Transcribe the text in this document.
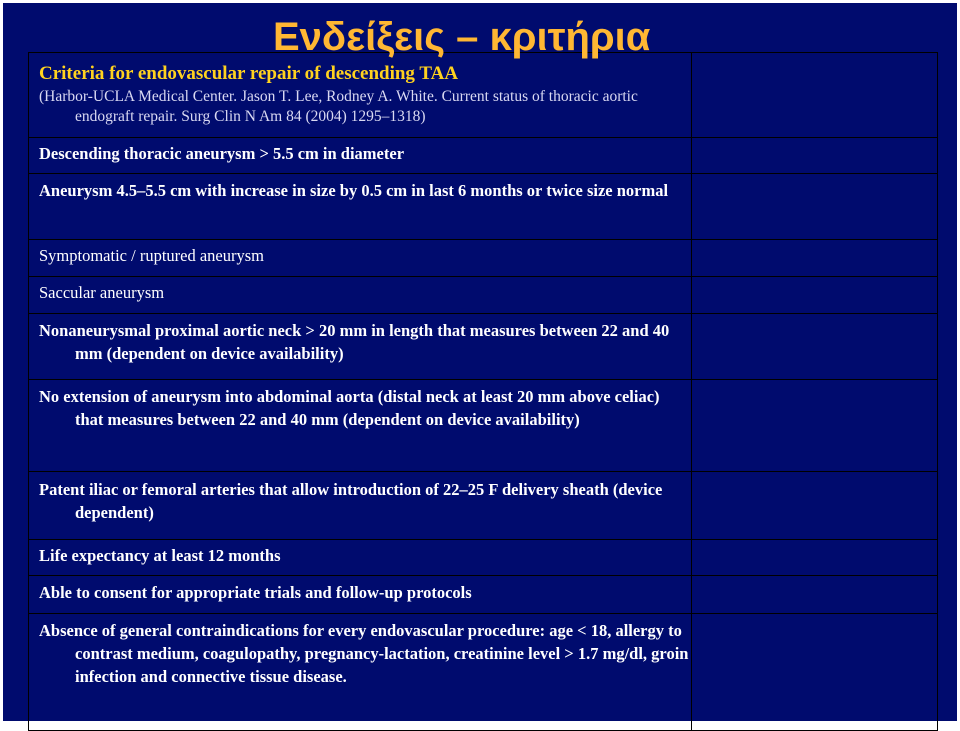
Criteria for endovascular repair of descending TAA
(Harbor-UCLA Medical Center. Jason T. Lee, Rodney A. White. Current status of thoracic aortic endograft repair. Surg Clin N Am 84 (2004) 1295–1318)
Descending thoracic aneurysm > 5.5 cm in diameter
Aneurysm 4.5–5.5 cm with increase in size by 0.5 cm in last 6 months or twice size normal
Symptomatic / ruptured aneurysm
Saccular aneurysm
Nonaneurysmal proximal aortic neck > 20 mm in length that measures between 22 and 40 mm (dependent on device availability)
No extension of aneurysm into abdominal aorta (distal neck at least 20 mm above celiac) that measures between 22 and 40 mm (dependent on device availability)
Patent iliac or femoral arteries that allow introduction of 22–25 F delivery sheath (device dependent)
Life expectancy at least 12 months
Able to consent for appropriate trials and follow-up protocols
Absence of general contraindications for every endovascular procedure: age < 18, allergy to contrast medium, coagulopathy, pregnancy-lactation, creatinine level > 1.7 mg/dl, groin infection and connective tissue disease.
Ενδείξεις – κριτήρια
